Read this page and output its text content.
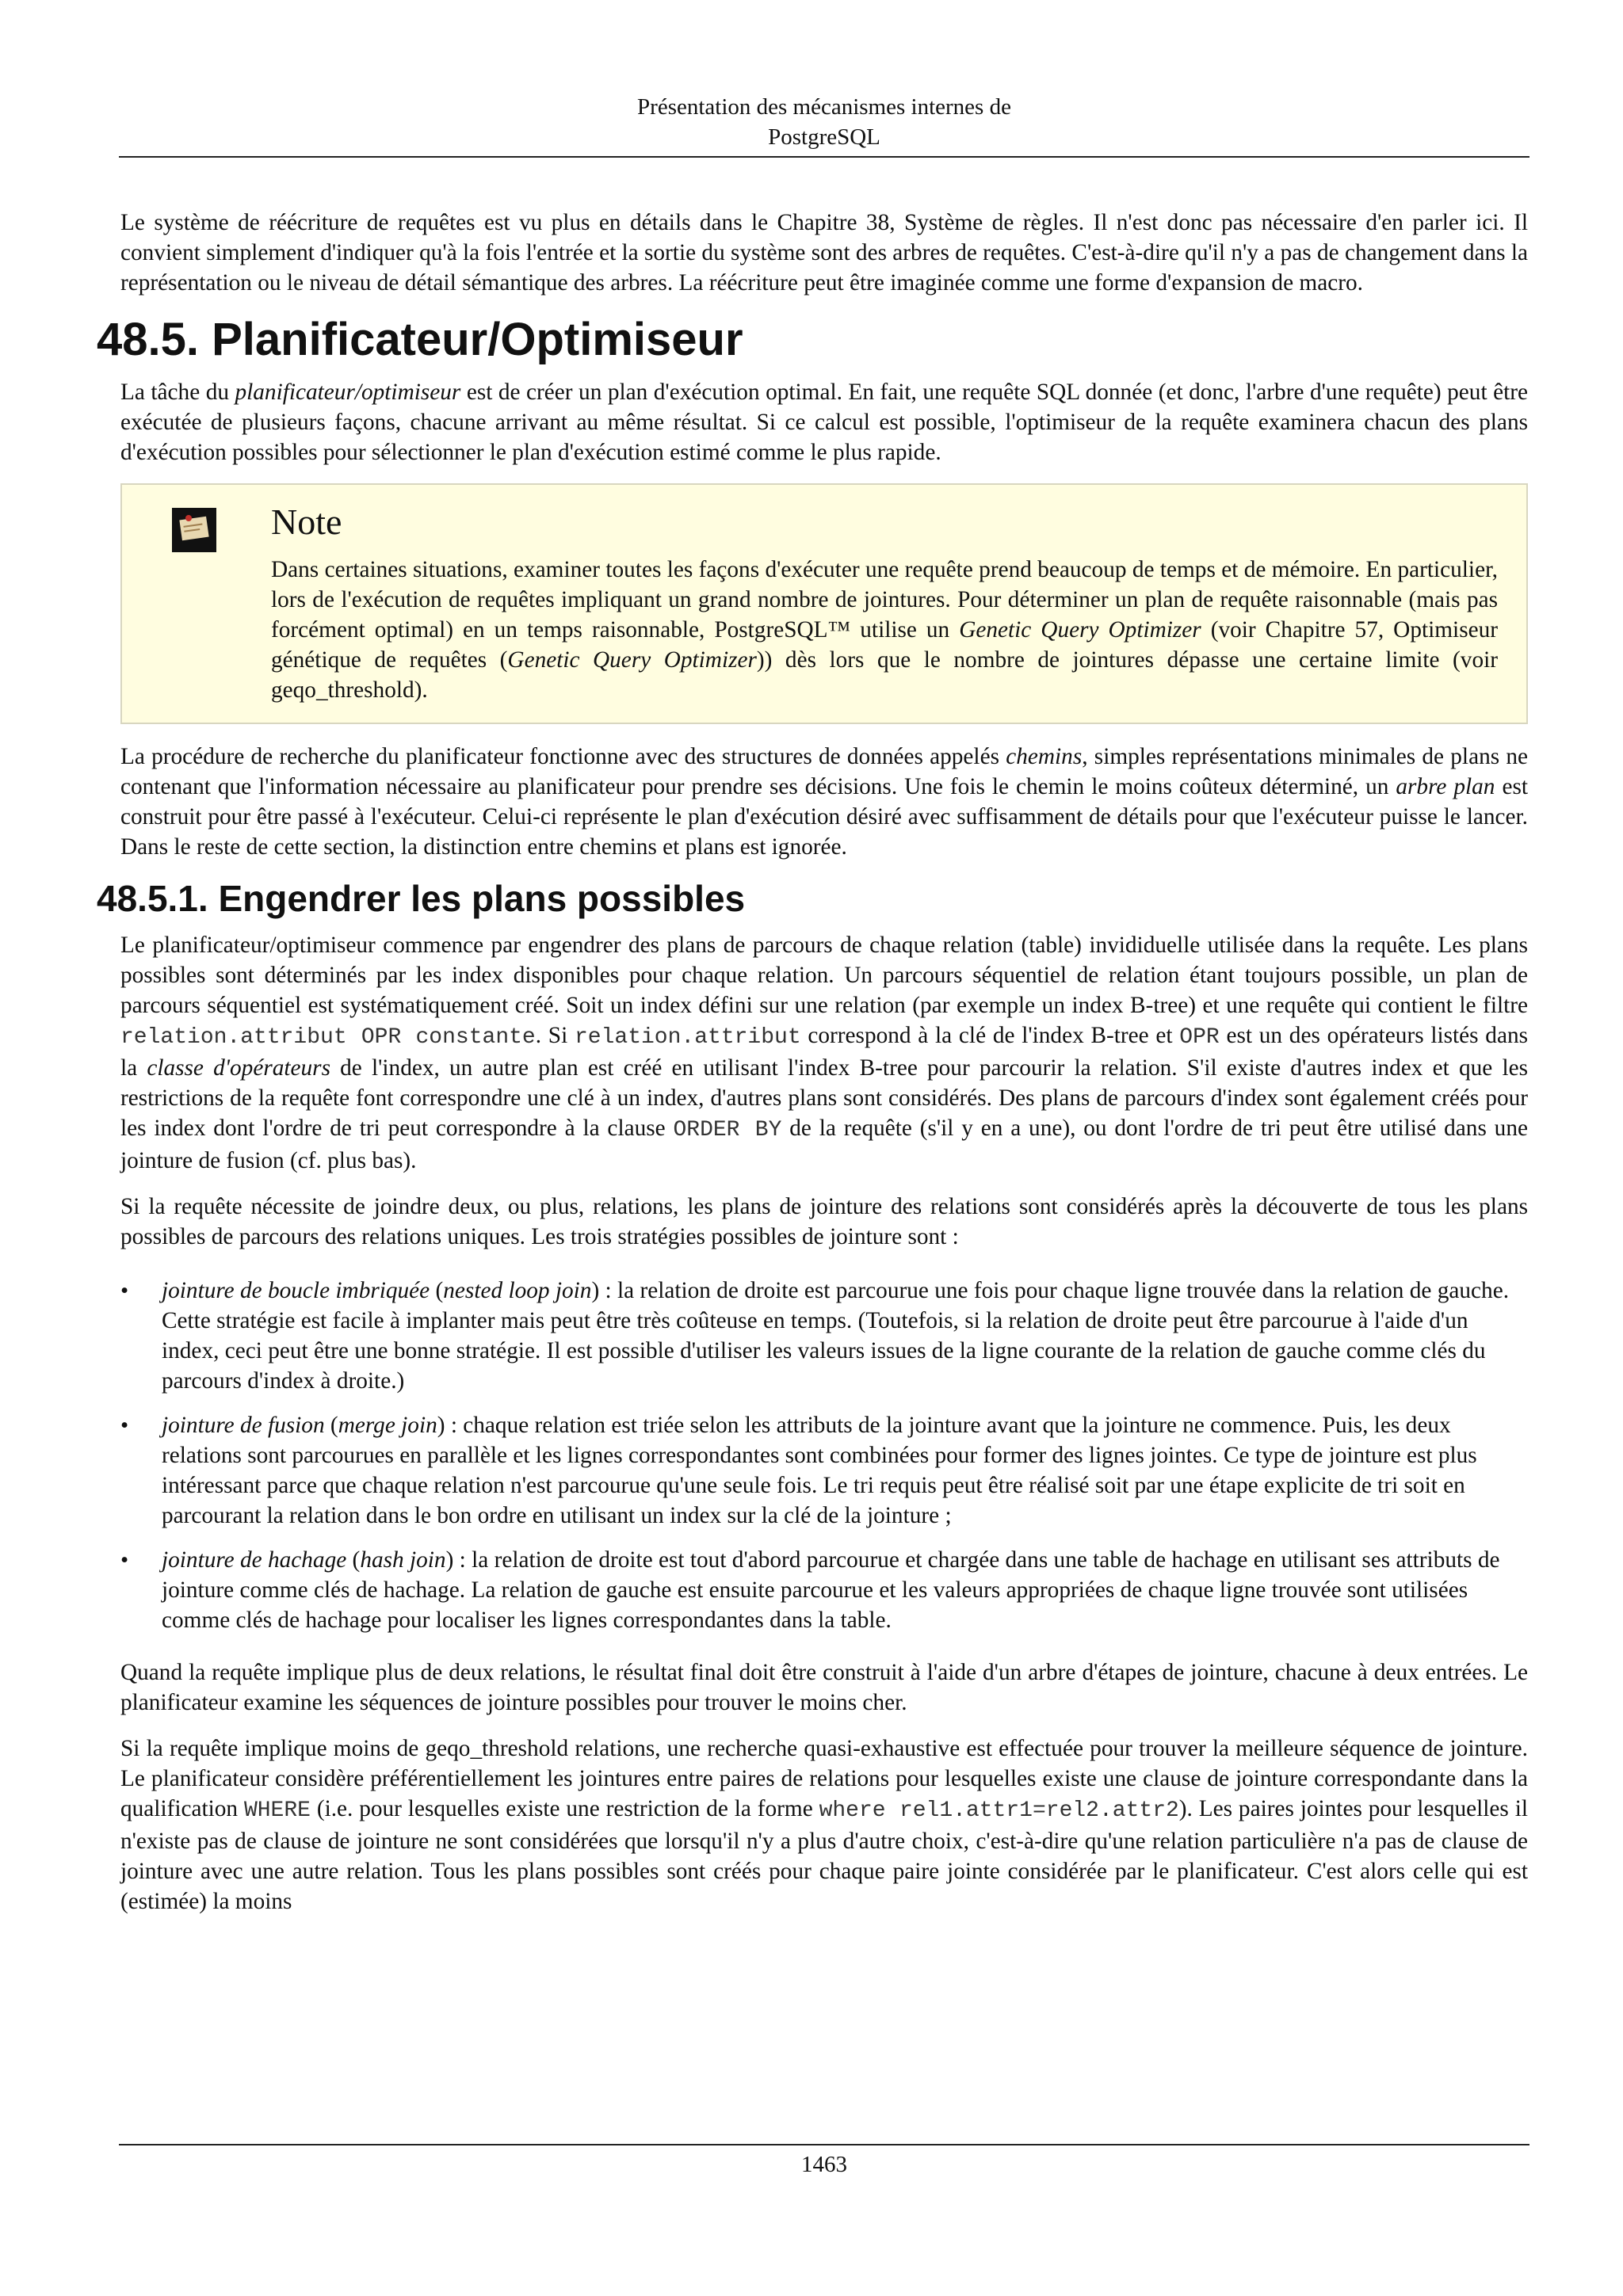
Présentation des mécanismes internes de
PostgreSQL

Le système de réécriture de requêtes est vu plus en détails dans le Chapitre 38, Système de règles. Il n'est donc pas nécessaire d'en parler ici. Il convient simplement d'indiquer qu'à la fois l'entrée et la sortie du système sont des arbres de requêtes. C'est-à-dire qu'il n'y a pas de changement dans la représentation ou le niveau de détail sémantique des arbres. La réécriture peut être imaginée comme une forme d'expansion de macro.

48.5. Planificateur/Optimiseur

La tâche du planificateur/optimiseur est de créer un plan d'exécution optimal. En fait, une requête SQL donnée (et donc, l'arbre d'une requête) peut être exécutée de plusieurs façons, chacune arrivant au même résultat. Si ce calcul est possible, l'optimiseur de la requête examinera chacun des plans d'exécution possibles pour sélectionner le plan d'exécution estimé comme le plus rapide.

Note

Dans certaines situations, examiner toutes les façons d'exécuter une requête prend beaucoup de temps et de mémoire. En particulier, lors de l'exécution de requêtes impliquant un grand nombre de jointures. Pour déterminer un plan de requête raisonnable (mais pas forcément optimal) en un temps raisonnable, PostgreSQL™ utilise un Genetic Query Optimizer (voir Chapitre 57, Optimiseur génétique de requêtes (Genetic Query Optimizer)) dès lors que le nombre de jointures dépasse une certaine limite (voir geqo_threshold).

La procédure de recherche du planificateur fonctionne avec des structures de données appelés chemins, simples représentations minimales de plans ne contenant que l'information nécessaire au planificateur pour prendre ses décisions. Une fois le chemin le moins coûteux déterminé, un arbre plan est construit pour être passé à l'exécuteur. Celui-ci représente le plan d'exécution désiré avec suffisamment de détails pour que l'exécuteur puisse le lancer. Dans le reste de cette section, la distinction entre chemins et plans est ignorée.

48.5.1. Engendrer les plans possibles

Le planificateur/optimiseur commence par engendrer des plans de parcours de chaque relation (table) invididuelle utilisée dans la requête. Les plans possibles sont déterminés par les index disponibles pour chaque relation. Un parcours séquentiel de relation étant toujours possible, un plan de parcours séquentiel est systématiquement créé. Soit un index défini sur une relation (par exemple un index B-tree) et une requête qui contient le filtre relation.attribut OPR constante. Si relation.attribut correspond à la clé de l'index B-tree et OPR est un des opérateurs listés dans la classe d'opérateurs de l'index, un autre plan est créé en utilisant l'index B-tree pour parcourir la relation. S'il existe d'autres index et que les restrictions de la requête font correspondre une clé à un index, d'autres plans sont considérés. Des plans de parcours d'index sont également créés pour les index dont l'ordre de tri peut correspondre à la clause ORDER BY de la requête (s'il y en a une), ou dont l'ordre de tri peut être utilisé dans une jointure de fusion (cf. plus bas).

Si la requête nécessite de joindre deux, ou plus, relations, les plans de jointure des relations sont considérés après la découverte de tous les plans possibles de parcours des relations uniques. Les trois stratégies possibles de jointure sont :

• jointure de boucle imbriquée (nested loop join) : la relation de droite est parcourue une fois pour chaque ligne trouvée dans la relation de gauche. Cette stratégie est facile à implanter mais peut être très coûteuse en temps. (Toutefois, si la relation de droite peut être parcourue à l'aide d'un index, ceci peut être une bonne stratégie. Il est possible d'utiliser les valeurs issues de la ligne courante de la relation de gauche comme clés du parcours d'index à droite.)
• jointure de fusion (merge join) : chaque relation est triée selon les attributs de la jointure avant que la jointure ne commence. Puis, les deux relations sont parcourues en parallèle et les lignes correspondantes sont combinées pour former des lignes jointes. Ce type de jointure est plus intéressant parce que chaque relation n'est parcourue qu'une seule fois. Le tri requis peut être réalisé soit par une étape explicite de tri soit en parcourant la relation dans le bon ordre en utilisant un index sur la clé de la jointure ;
• jointure de hachage (hash join) : la relation de droite est tout d'abord parcourue et chargée dans une table de hachage en utilisant ses attributs de jointure comme clés de hachage. La relation de gauche est ensuite parcourue et les valeurs appropriées de chaque ligne trouvée sont utilisées comme clés de hachage pour localiser les lignes correspondantes dans la table.

Quand la requête implique plus de deux relations, le résultat final doit être construit à l'aide d'un arbre d'étapes de jointure, chacune à deux entrées. Le planificateur examine les séquences de jointure possibles pour trouver le moins cher.

Si la requête implique moins de geqo_threshold relations, une recherche quasi-exhaustive est effectuée pour trouver la meilleure séquence de jointure. Le planificateur considère préférentiellement les jointures entre paires de relations pour lesquelles existe une clause de jointure correspondante dans la qualification WHERE (i.e. pour lesquelles existe une restriction de la forme where rel1.attr1=rel2.attr2). Les paires jointes pour lesquelles il n'existe pas de clause de jointure ne sont considérées que lorsqu'il n'y a plus d'autre choix, c'est-à-dire qu'une relation particulière n'a pas de clause de jointure avec une autre relation. Tous les plans possibles sont créés pour chaque paire jointe considérée par le planificateur. C'est alors celle qui est (estimée) la moins

1463
